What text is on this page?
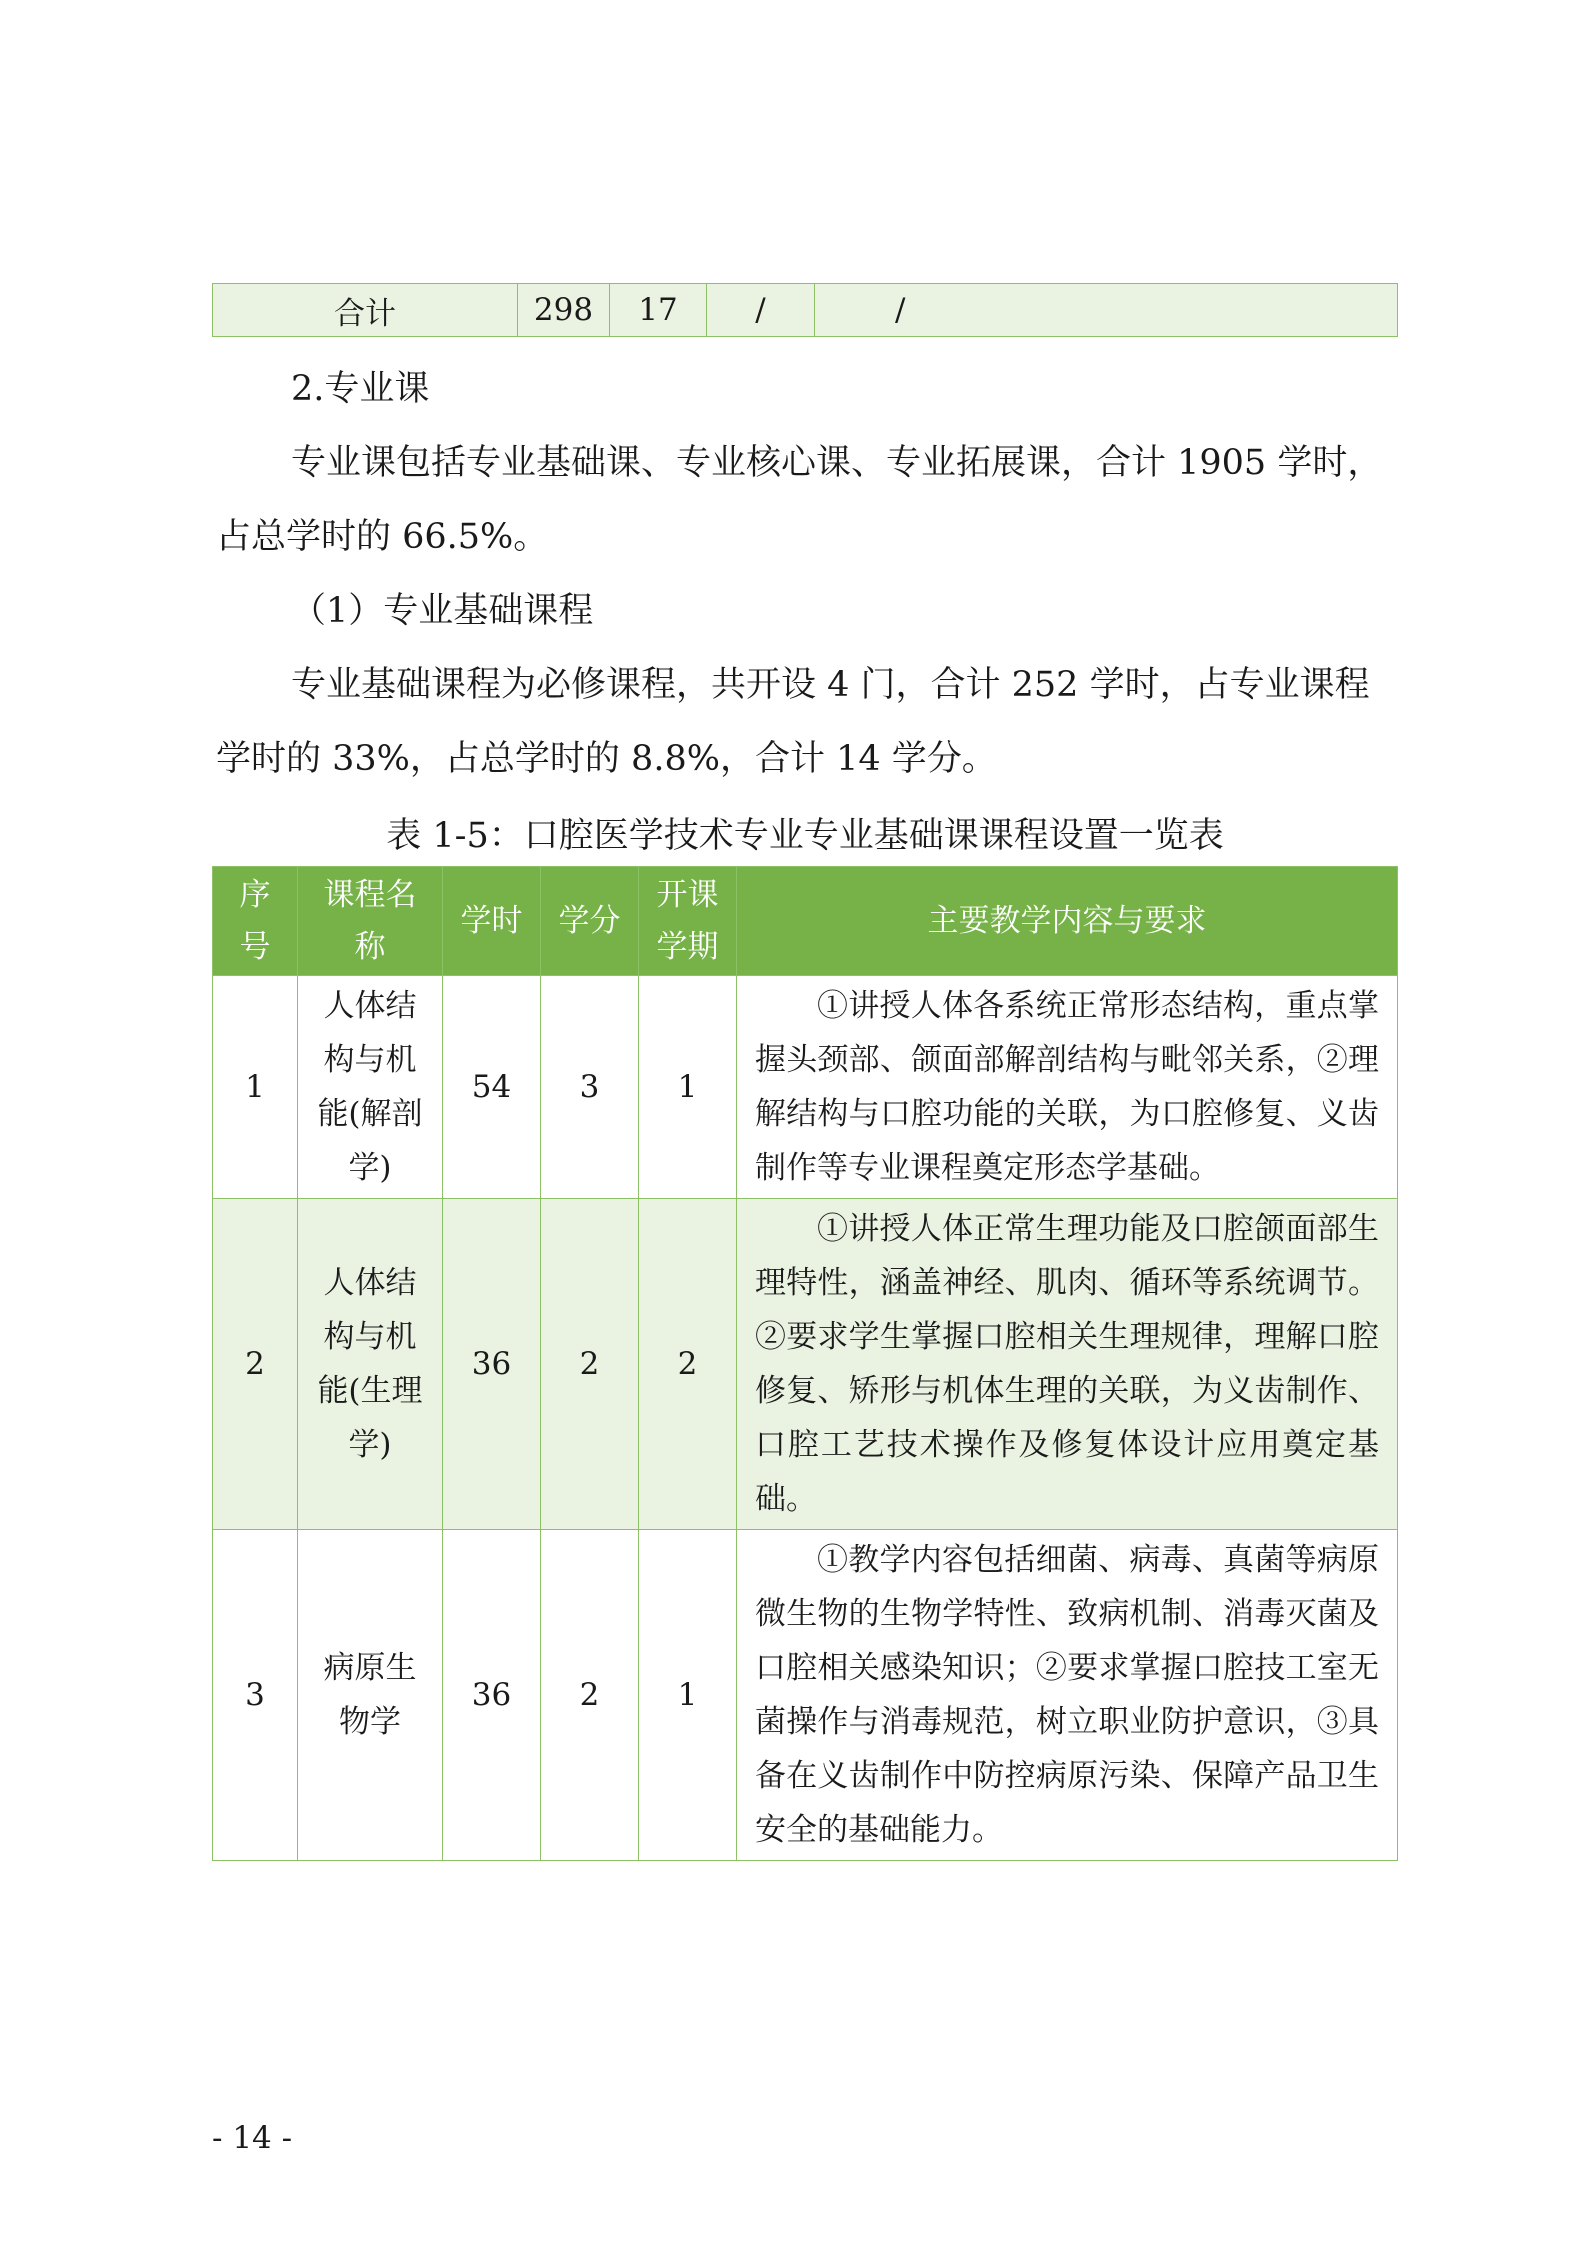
合计	298	17	/	/
2.专业课
专业课包括专业基础课、专业核心课、专业拓展课，合计 1905 学时，占总学时的 66.5%。
（1）专业基础课程
专业基础课程为必修课程，共开设 4 门，合计 252 学时，占专业课程学时的 33%，占总学时的 8.8%，合计 14 学分。
表 1-5：口腔医学技术专业专业基础课课程设置一览表
序号	课程名称	学时	学分	开课学期	主要教学内容与要求
1	人体结构与机能(解剖学)	54	3	1	①讲授人体各系统正常形态结构，重点掌握头颈部、颌面部解剖结构与毗邻关系，②理解结构与口腔功能的关联，为口腔修复、义齿制作等专业课程奠定形态学基础。
2	人体结构与机能(生理学)	36	2	2	①讲授人体正常生理功能及口腔颌面部生理特性，涵盖神经、肌肉、循环等系统调节。②要求学生掌握口腔相关生理规律，理解口腔修复、矫形与机体生理的关联，为义齿制作、口腔工艺技术操作及修复体设计应用奠定基础。
3	病原生物学	36	2	1	①教学内容包括细菌、病毒、真菌等病原微生物的生物学特性、致病机制、消毒灭菌及口腔相关感染知识；②要求掌握口腔技工室无菌操作与消毒规范，树立职业防护意识，③具备在义齿制作中防控病原污染、保障产品卫生安全的基础能力。
- 14 -
